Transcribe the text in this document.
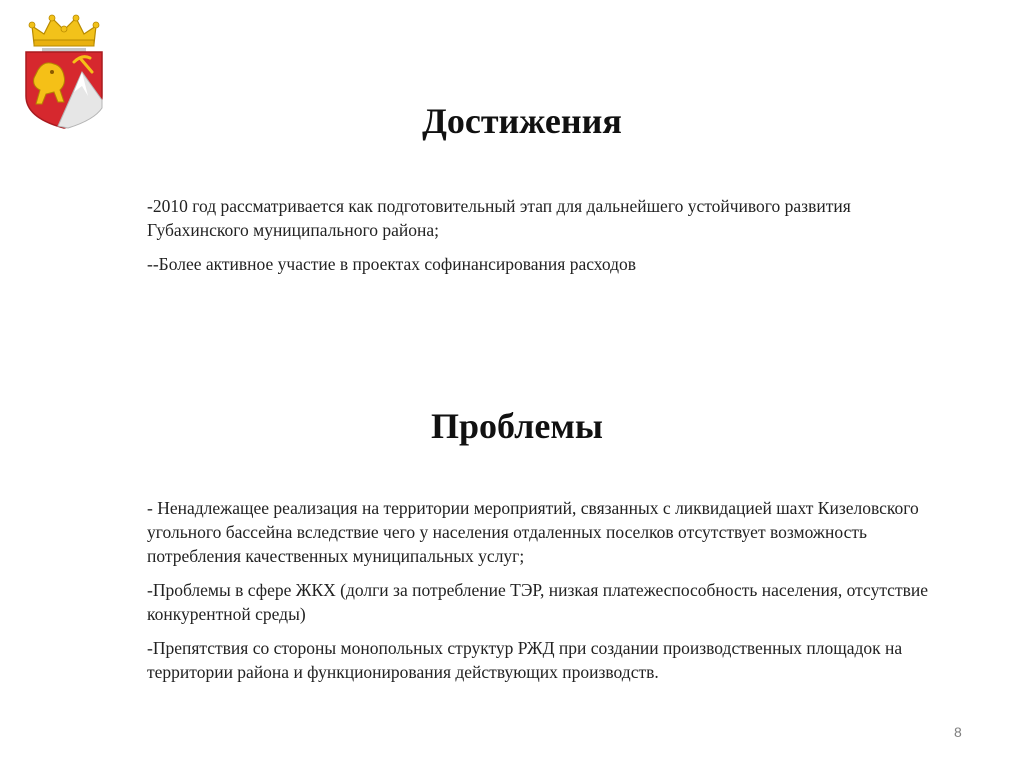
Достижения

-2010 год рассматривается как подготовительный этап для дальнейшего устойчивого развития Губахинского муниципального района;

--Более активное участие в проектах софинансирования расходов

Проблемы

- Ненадлежащее реализация на территории мероприятий, связанных с ликвидацией шахт Кизеловского угольного бассейна вследствие чего у населения отдаленных поселков отсутствует возможность потребления качественных муниципальных услуг;

-Проблемы в сфере ЖКХ (долги за потребление ТЭР, низкая платежеспособность населения, отсутствие конкурентной среды)

-Препятствия со стороны монопольных структур РЖД при создании производственных площадок на территории района и функционирования действующих производств.

8
